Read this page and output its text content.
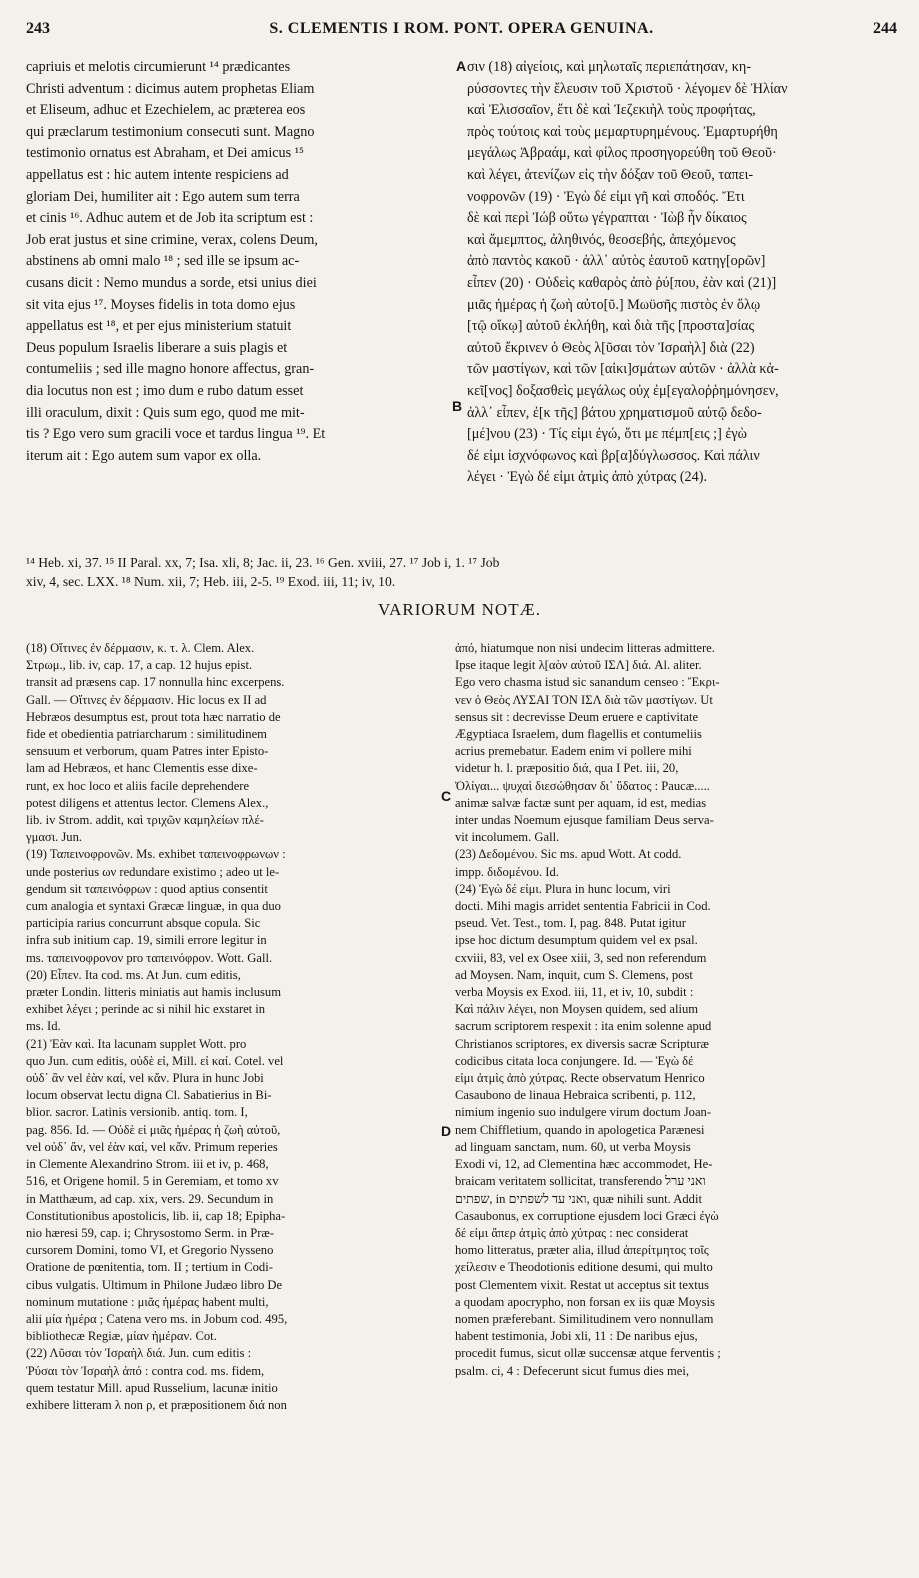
243	S. CLEMENTIS I ROM. PONT. OPERA GENUINA.	244

capriuis et melotis circumierunt ¹⁴ prædicantes

Christi adventum : dicimus autem prophetas Eliam

et Eliseum, adhuc et Ezechielem, ac præterea eos

qui præclarum testimonium consecuti sunt. Magno

testimonio ornatus est Abraham, et Dei amicus ¹⁵

appellatus est : hic autem intente respiciens ad

gloriam Dei, humiliter ait : Ego autem sum terra

et cinis ¹⁶. Adhuc autem et de Job ita scriptum est :

Job erat justus et sine crimine, verax, colens Deum,

abstinens ab omni malo ¹⁸ ; sed ille se ipsum ac-

cusans dicit : Nemo mundus a sorde, etsi unius diei

sit vita ejus ¹⁷. Moyses fidelis in tota domo ejus

appellatus est ¹⁸, et per ejus ministerium statuit

Deus populum Israelis liberare a suis plagis et

contumeliis ; sed ille magno honore affectus, gran-

dia locutus non est ; imo dum e rubo datum esset

illi oraculum, dixit : Quis sum ego, quod me mit-

tis ? Ego vero sum gracili voce et tardus lingua ¹⁹. Et

iterum ait : Ego autem sum vapor ex olla.

σιν (18) αἰγείοις, καὶ μηλωταῖς περιεπάτησαν, κη-

ρύσσοντες τὴν ἔλευσιν τοῦ Χριστοῦ · λέγομεν δὲ Ἠλίαν

καὶ Ἐλισσαῖον, ἔτι δὲ καὶ Ἰεζεκιὴλ τοὺς προφήτας,

πρὸς τούτοις καὶ τοὺς μεμαρτυρημένους. Ἐμαρτυρήθη

μεγάλως Ἀβραάμ, καὶ φίλος προσηγορεύθη τοῦ Θεοῦ·

καὶ λέγει, ἀτενίζων εἰς τὴν δόξαν τοῦ Θεοῦ, ταπει-

νοφρονῶν (19) · Ἐγὼ δέ εἰμι γῆ καὶ σποδός. Ἔτι

δὲ καὶ περὶ Ἰώβ οὕτω γέγραπται · Ἰὼβ ἦν δίκαιος

καὶ ἄμεμπτος, ἀληθινός, θεοσεβής, ἀπεχόμενος

ἀπὸ παντὸς κακοῦ · ἀλλ᾽ αὐτὸς ἑαυτοῦ κατηγ[ορῶν]

εἶπεν (20) · Οὐδεὶς καθαρὸς ἀπὸ ῥύ[που, ἐὰν καὶ (21)]

μιᾶς ἡμέρας ἡ ζωὴ αὐτο[ῦ.] Μωϋσῆς πιστὸς ἐν ὅλῳ

[τῷ οἴκῳ] αὐτοῦ ἐκλήθη, καὶ διὰ τῆς [προστα]σίας

αὐτοῦ ἔκρινεν ὁ Θεὸς λ[ῦσαι τὸν Ἰσραὴλ] διὰ (22)

τῶν μαστίγων, καὶ τῶν [αἰκι]σμάτων αὐτῶν · ἀλλὰ κἀ-

κεῖ[νος] δοξασθεὶς μεγάλως οὐχ ἐμ[εγαλοῤῥημόνησεν,

ἀλλ᾽ εἶπεν, ἐ[κ τῆς] βάτου χρηματισμοῦ αὐτῷ δεδο-

[μέ]νου (23) · Τίς εἰμι ἐγώ, ὅτι με πέμπ[εις ;] ἐγὼ

δέ εἰμι ἰσχνόφωνος καὶ βρ[α]δύγλωσσος. Καὶ πάλιν

λέγει · Ἐγὼ δέ εἰμι ἀτμὶς ἀπὸ χύτρας (24).

A
B
C
D

¹⁴ Heb. xi, 37. ¹⁵ II Paral. xx, 7; Isa. xli, 8; Jac. ii, 23. ¹⁶ Gen. xviii, 27. ¹⁷ Job i, 1. ¹⁷ Job

xiv, 4, sec. LXX. ¹⁸ Num. xii, 7; Heb. iii, 2-5. ¹⁹ Exod. iii, 11; iv, 10.

VARIORUM NOTÆ.

(18) Οἵτινες ἐν δέρμασιν, κ. τ. λ. Clem. Alex.

Στρωμ., lib. iv, cap. 17, a cap. 12 hujus epist.

transit ad præsens cap. 17 nonnulla hinc excerpens.

Gall. — Οἵτινες ἐν δέρμασιν. Hic locus ex II ad

Hebræos desumptus est, prout tota hæc narratio de

fide et obedientia patriarcharum : similitudinem

sensuum et verborum, quam Patres inter Episto-

lam ad Hebræos, et hanc Clementis esse dixe-

runt, ex hoc loco et aliis facile deprehendere

potest diligens et attentus lector. Clemens Alex.,

lib. iv Strom. addit, καὶ τριχῶν καμηλείων πλέ-

γμασι. Jun.

(19) Ταπεινοφρονῶν. Ms. exhibet ταπεινοφρωνων :

unde posterius ων redundare existimo ; adeo ut le-

gendum sit ταπεινόφρων : quod aptius consentit

cum analogia et syntaxi Græcæ linguæ, in qua duo

participia rarius concurrunt absque copula. Sic

infra sub initium cap. 19, simili errore legitur in

ms. ταπεινοφρονον pro ταπεινόφρον. Wott. Gall.

(20) Εἶπεν. Ita cod. ms. At Jun. cum editis,

præter Londin. litteris miniatis aut hamis inclusum

exhibet λέγει ; perinde ac si nihil hic exstaret in

ms. Id.

(21) Ἐὰν καὶ. Ita lacunam supplet Wott. pro

quo Jun. cum editis, οὐδὲ εἰ, Mill. εἰ καί. Cotel. vel

οὐδ᾽ ἂν vel ἐὰν καί, vel κἄν. Plura in hunc Jobi

locum observat lectu digna Cl. Sabatierius in Bi-

blior. sacror. Latinis versionib. antiq. tom. I,

pag. 856. Id. — Οὐδὲ εἰ μιᾶς ἡμέρας ἡ ζωὴ αὐτοῦ,

vel οὐδ᾽ ἄν, vel ἐὰν καί, vel κἄν. Primum reperies

in Clemente Alexandrino Strom. iii et iv, p. 468,

516, et Origene homil. 5 in Geremiam, et tomo xv

in Matthæum, ad cap. xix, vers. 29. Secundum in

Constitutionibus apostolicis, lib. ii, cap 18; Epipha-

nio hæresi 59, cap. i; Chrysostomo Serm. in Præ-

cursorem Domini, tomo VI, et Gregorio Nysseno

Oratione de pœnitentia, tom. II ; tertium in Codi-

cibus vulgatis. Ultimum in Philone Judæo libro De

nominum mutatione : μιᾶς ἡμέρας habent multi,

alii μία ἡμέρα ; Catena vero ms. in Jobum cod. 495,

bibliothecæ Regiæ, μίαν ἡμέραν. Cot.

(22) Λῦσαι τὸν Ἰσραὴλ διά. Jun. cum editis :

Ῥύσαι τὸν Ἰσραὴλ ἀπό : contra cod. ms. fidem,

quem testatur Mill. apud Russelium, lacunæ initio

exhibere litteram λ non ρ, et præpositionem διά non

ἀπό, hiatumque non nisi undecim litteras admittere.

Ipse itaque legit λ[αὸν αὐτοῦ ΙΣΛ] διά. Al. aliter.

Ego vero chasma istud sic sanandum censeo : Ἔκρι-

νεν ὁ Θεὸς ΛΥΣΑΙ ΤΟΝ ΙΣΛ διὰ τῶν μαστίγων. Ut

sensus sit : decrevisse Deum eruere e captivitate

Ægyptiaca Israelem, dum flagellis et contumeliis

acrius premebatur. Eadem enim vi pollere mihi

videtur h. l. præpositio διά, qua I Pet. iii, 20,

Ὀλίγαι... ψυχαὶ διεσώθησαν δι᾽ ὕδατος : Paucæ.....

animæ salvæ factæ sunt per aquam, id est, medias

inter undas Noemum ejusque familiam Deus serva-

vit incolumem. Gall.

(23) Δεδομένου. Sic ms. apud Wott. At codd.

impp. διδομένου. Id.

(24) Ἐγὼ δέ εἰμι. Plura in hunc locum, viri

docti. Mihi magis arridet sententia Fabricii in Cod.

pseud. Vet. Test., tom. I, pag. 848. Putat igitur

ipse hoc dictum desumptum quidem vel ex psal.

cxviii, 83, vel ex Osee xiii, 3, sed non referendum

ad Moysen. Nam, inquit, cum S. Clemens, post

verba Moysis ex Exod. iii, 11, et iv, 10, subdit :

Καὶ πάλιν λέγει, non Moysen quidem, sed alium

sacrum scriptorem respexit : ita enim solenne apud

Christianos scriptores, ex diversis sacræ Scripturæ

codicibus citata loca conjungere. Id. — Ἐγὼ δέ

εἰμι ἀτμὶς ἀπὸ χύτρας. Recte observatum Henrico

Casaubono de linaua Hebraica scribenti, p. 112,

nimium ingenio suo indulgere virum doctum Joan-

nem Chiffletium, quando in apologetica Parænesi

ad linguam sanctam, num. 60, ut verba Moysis

Exodi vi, 12, ad Clementina hæc accommodet, He-

braicam veritatem sollicitat, transferendo ואני ערל

שפתים, in ואני עד לשפתים, quæ nihili sunt. Addit

Casaubonus, ex corruptione ejusdem loci Græci ἐγὼ

δέ εἰμι ἄπερ ἀτμὶς ἀπὸ χύτρας : nec considerat

homo litteratus, præter alia, illud ἀπερίτμητος τοῖς

χείλεσιν e Theodotionis editione desumi, qui multo

post Clementem vixit. Restat ut acceptus sit textus

a quodam apocrypho, non forsan ex iis quæ Moysis

nomen præferebant. Similitudinem vero nonnullam

habent testimonia, Jobi xli, 11 : De naribus ejus,

procedit fumus, sicut ollæ succensæ atque ferventis ;

psalm. ci, 4 : Defecerunt sicut fumus dies mei,
